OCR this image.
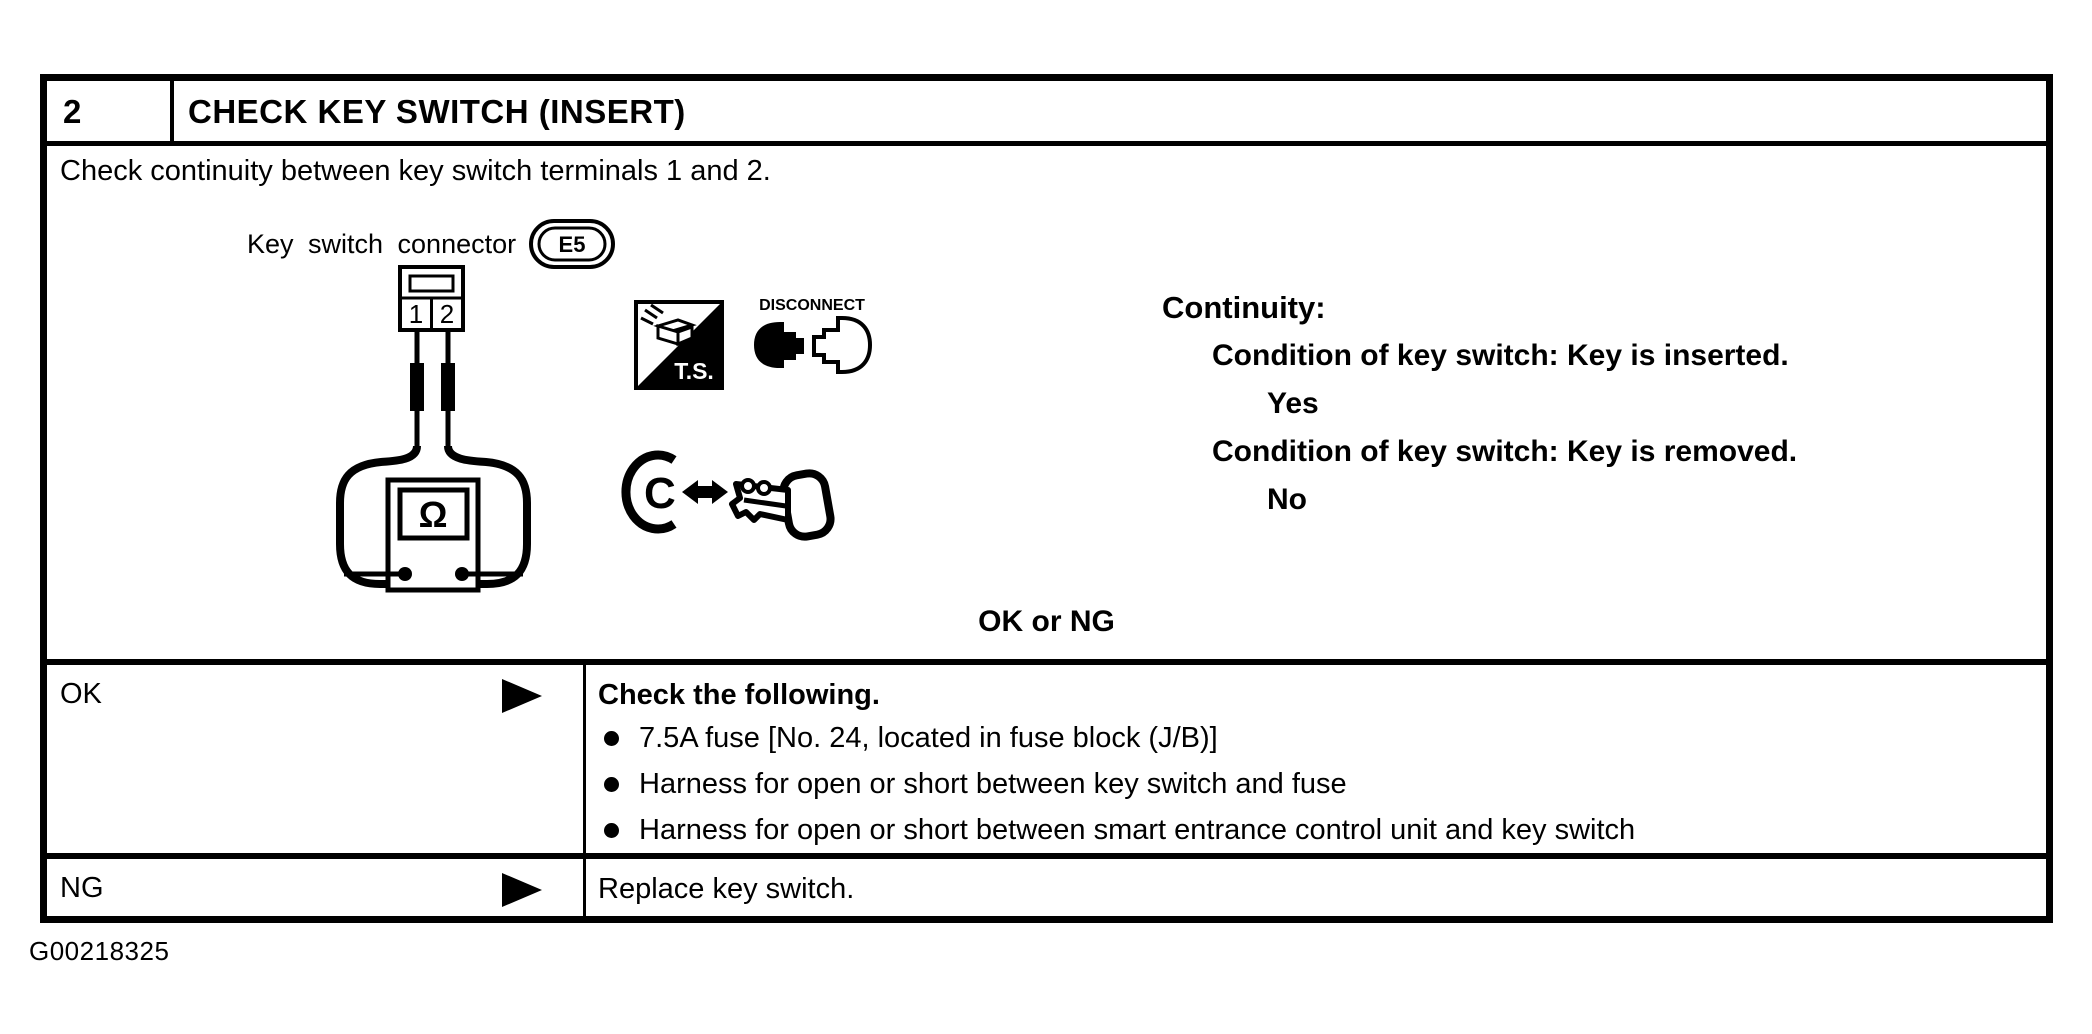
2	CHECK KEY SWITCH (INSERT)
Check continuity between key switch terminals 1 and 2.
Key switch connector E5
1 2
Ω
T.S.
DISCONNECT
C
Continuity:
Condition of key switch: Key is inserted.
Yes
Condition of key switch: Key is removed.
No
OK or NG
OK	Check the following.
7.5A fuse [No. 24, located in fuse block (J/B)]
Harness for open or short between key switch and fuse
Harness for open or short between smart entrance control unit and key switch
NG	Replace key switch.
G00218325
